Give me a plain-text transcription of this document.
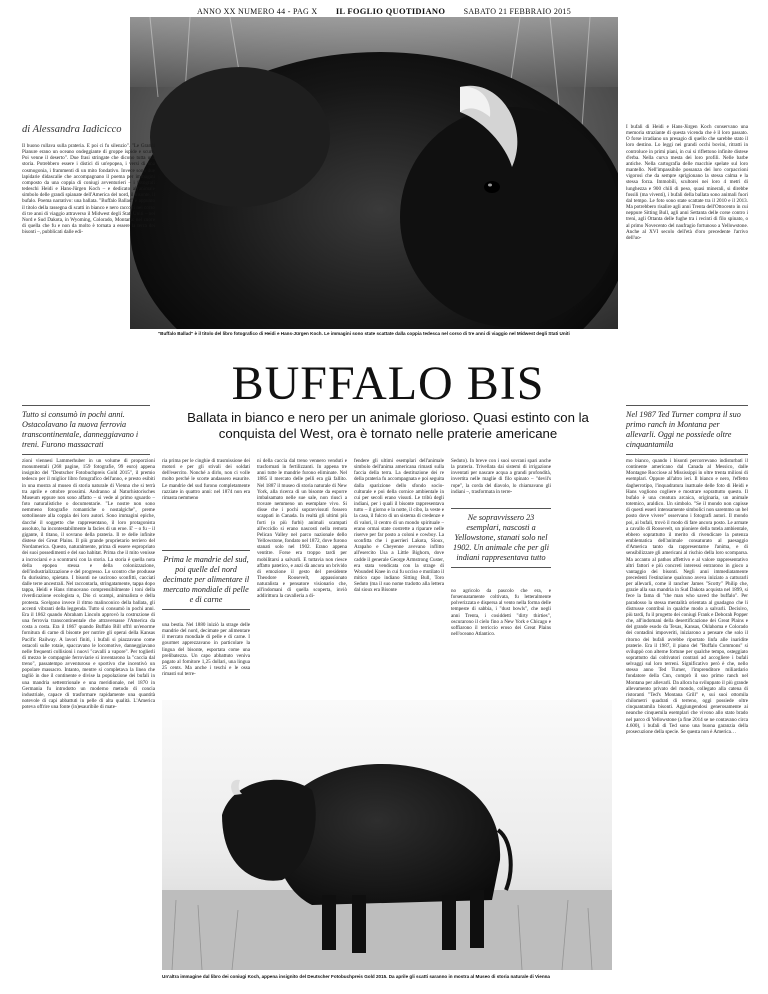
ANNO XX NUMERO 44 - PAG X IL FOGLIO QUOTIDIANO SABATO 21 FEBBRAIO 2015
di Alessandra Iadicicco

Il buono rullava sulla prateria. E poi ci fu silenzio". "Le Grandi Pianure erano un oceano ondeggiante di groppe ispide e scure. Poi venne il deserto". Due frasi stringate che dicono tutta una storia. Potrebbero essere i distici di un'epopea, i versi di una cosmogonia, i frammenti di un mito fondativo. Invece sono due lapidarie didascalie che accompagnano il poema per immagini composto da una coppia di coniugi avventurieri – i fotografi tedeschi Heidi e Hans-Jürgen Koch – e dedicato all'animale simbolo delle grandi spianate dell'America del nord, il bisonte, il bufalo. Poema narrativo: una ballata. "Buffalo Ballad" è appunto il titolo della rassegna di scatti in bianco e nero raccolti nel corso di tre anni di viaggio attraverso il Midwest degli Stati Uniti – nel Nord e Sud Dakota, in Wyoming, Colorado, Montana: nel cuore di quella che fu e non da molto è tornata a essere la terra dei bisonti –, pubblicati dalle edi-

Tutto si consumò in pochi anni. Ostacolavano la nuova ferrovia transcontinentale, danneggiavano i treni. Furono massacrati

I bufali di Heidi e Hans-Jürgen Koch conservano una memoria straziante di questa vicenda che è il loro passato. O forse irradiano un presagio di quello che sarebbe stato il loro destino. Lo leggi nei grandi occhi bovini, ritratti in controluce in primi piani, in cui si riflettono infinite distese d'erba. Nella curva mesta dei loro profili. Nelle barbe antiche. Nella cartografia delle macchie spelate sul loro mantello. Nell'impassibile possanza dei loro corpaccioni vigorosi che da sempre sprigionano la stessa calma e la stessa forza. Immobili, scultorei nei loro 4 metri di lunghezza e 900 chili di peso, quasi minerali, si direbbe fossili (ma viventi), i bufali della ballata sono animali fuori dal tempo. Le foto sono state scattate tra il 2010 e il 2013. Ma potrebbero risalire agli anni Trenta dell'Ottocento in cui neppure Sitting Bull, agli anni Settanta delle corse contro i treni, agli Ottanta delle fughe tra i recinti di filo spinato, o al primo Novecento del naufragio fortunoso a Yellowstone. Anche al XVI secolo dell'età d'oro precedente l'arrivo dell'uo-

Nel 1987 Ted Turner compra il suo primo ranch in Montana per allevarli. Oggi ne possiede oltre cinquantamila
"Buffalo Ballad" è il titolo del libro fotografico di Heidi e Hans-Jürgen Koch. Le immagini sono state scattate dalla coppia tedesca nel corso di tre anni di viaggio nel Midwest degli Stati Uniti
BUFFALO BIS
Ballata in bianco e nero per un animale glorioso. Quasi estinto con la conquista del West, ora è tornato nelle praterie americane

zioni viennesi Lammerhuber in un volume di proporzioni monumentali (268 pagine, 159 fotografie, 99 euro) appena insignito del "Deutscher Fotobuchpreis Gold 2015", il premio tedesco per il miglior libro fotografico dell'anno, e presto esibiti in una mostra al museo di storia naturale di Vienna che si terrà tra aprile e ottobre prossimi. Andranno al Naturhistorisches Museum eppure non sono affatto – si vede al primo sguardo – foto naturalistiche o documentarie. "Le nostre non sono nemmeno fotografie romantiche o nostalgiche", preme sottolineare alla coppia dei loro autori. Sono immagini epiche, dacché il soggetto che rappresentano, il loro protagonista assoluto, ha incontestabilmente la facies di un eroe. E' – o fu – il gigante, il titano, il sovrano della prateria. Il re delle infinite distese dei Great Plains. Il più grande proprietario terriero del Nordamerica. Questo, naturalmente, prima di essere espropriato dei suoi possedimenti e del suo habitat. Prima che il mito venisse a incrociarsi e a scontrarsi con la storia. La storia è quella nota della epopea stessa e della colonizzazione, dell'industrializzazione e del progresso. Lo scontro che produsse fu durissimo, spietato. I bisonti ne uscirono sconfitti, cacciati dalle terre ancestrali. Nel raccontarla, stringatamente, tappa dopo tappa, Heidi e Hans rimuovano comprensibilmente i toni della riverdicazione ecologista o, Dio ci scampi, animalista e della protesta. Scelgono invece il ritmo malinconico della ballata, gli accenti vibranti della leggenda. Tutto si consumò in pochi anni. Era il 1862 quando Abraham Lincoln approvò la costruzione di una ferrovia transcontinentale che attraversasse l'America da costa a costa. Era il 1867 quando Buffalo Bill offrì un'enorme fornitura di carne di bisonte per nutrire gli operai della Kansas Pacific Railway. A lavori finiti, i bufali si piazzavano come ostacoli sulle rotaie, spaccavano le locomotive, danneggiavano nelle frequenti collisioni i nuovi "cavalli a vapore". Per toglierli di mezzo le compagnie ferroviarie si inventarono la "caccia dal treno", passatempo avventuroso e sportivo che incentivò un popolare massacro. Intanto, mentre si completava la linea che tagliò in due il continente e divise la popolazione dei bufali in una mandria settentrionale e una meridionale, nel 1870 in Germania fu introdotto un moderno metodo di concia industriale, capace di trasformare rapidamente una quantità notevole di capi abbattuti in pelle di alta qualità. L'America poteva offrire una fonte (in)esauribile di mate-

ria prima per le cinghie di trasmissione dei motori e per gli stivali dei soldati dell'esercito. Nonché a dirlo, non ci volle molto perché le scorte andassero esaurite. Le mandrie del sud furono completamente razziate in quattro anni: nel 1874 non era rimasta nemmeno

Prima le mandrie del sud, poi quelle del nord decimate per alimentare il mercato mondiale di pelle e di carne

una bestia. Nel 1880 iniziò la strage delle mandrie del nord, decimate per alimentare il mercato mondiale di pelle e di carne. I gourmet apprezzavano in particolare la lingua del bisonte, esportata come una prelibatezza. Un capo abbattuto veniva pagato al fornitore 1,25 dollari, una lingua 25 cents. Ma anche i teschi e le ossa rimasti sul terre-

ni della caccia dal treno vennero venduti e trasformati in fertilizzanti. In appena tre anni tutte le mandrie furono eliminate. Nel 1885 il mercato delle pelli era già fallito. Nel 1887 il museo di storia naturale di New York, alla ricerca di un bisonte da esporre imbalsamato nelle sue sale, non riuscì a trovare nemmeno un esemplare vivo. Si disse che i pochi sopravvissuti fossero scappati in Canada. In realtà gli ultimi più forti (o più furbi) animali scampati all'eccidio si erano nascosti nella remota Pelican Valley nel parco nazionale dello Yellowstone, fondato nel 1872, dove furono stanati solo nel 1902. Erano appena ventitre. Forse era troppo tardi per mobilitarsi a salvarli. E tuttavia non riesce affatto patetico, e anzi dà ancora un brivido di emozione il gesto del presidente Theodore Roosevelt, appassionato naturalista e pensatore visionario che, all'indomani di quella scoperta, inviò addirittura la cavalleria a di-

fendere gli ultimi esemplari dell'animale simbolo dell'anima americana rimasti sulla faccia della terra. La destituzione dei re della prateria fu accompagnata e poi seguita dalla sparizione dello sfondo socio-culturale e poi della cornice ambientale in cui per secoli erano vissuti. Le tribù degli indiani, per i quali il bisonte rappresentava tutto – il giorno e la notte, il cibo, la veste e la casa, il fulcro di un sistema di credenze e di valori, il centro di un mondo spirituale – erano ormai state costrette a riparare nelle riserve per far posto a coloni e cowboy. La sconfitta che i guerrieri Lakota, Sioux, Arapaho e Cheyenne avevano inflitto all'esercito Usa a Little Bighorn, dove cadde il generale George Armstrong Custer, era stata vendicata con la strage di Wounded Knee in cui fu ucciso e mutilato il mitico capo indiano Sitting Bull, Toro Seduto (ma il suo nome tradotto alla lettera dal sioux era Bisonte

Seduto). In breve con i suoi sovrani spari anche la prateria. Trivellata dai sistemi di irrigazione inventati per nascare acqua a grandi profondità, invertita nelle maglie di filo spinato – "devil's rope", la corda del diavolo, lo chiamavano gli indiani –, trasformata in terre-

Ne sopravvissero 23 esemplari, nascosti a Yellowstone, stanati solo nel 1902. Un animale che per gli indiani rappresentava tutto

no agricolo da pascolo che era, e forsennatamente coltivata, fu letteralmente polverizzata e dispersa al vento nella forma delle tempeste di sabbia, i "dust bowls", che negli anni Trenta, i cosiddetti "dirty thirties", oscurarono il cielo fino a New York e Chicago e soffiarono il terriccio eroso dei Great Plains nell'oceano Atlantico.

mo bianco, quando i bisonti percorrevano indisturbati il continente americano dal Canada al Messico, dalle Montagne Rocciose al Mississippi in oltre trenta milioni di esemplari. Oppure all'altro ieri. Il bianco e nero, l'effetto dagherrotipo, l'inquadratura inattuale delle foto di Heidi e Hans vogliono cogliere e mostrare soprattutto questo. Il bufalo è una creatura arcaica, originaria, un animale totemico, araldico. Un simbolo. "Se il mondo non capisse di questi esseri intensamente simbolici non saremmo un bel posto dove vivere" osservano i fotografi autori. Il mondo poi, ai bufali, trovò il modo di fare ancora posto. Le armate a cavallo di Roosevelt, un pioniere della tutela ambientale, ebbero soprattutto il merito di rivendicare la potenza emblematica dell'animale consaturato al paesaggio d'America tanto da rappresentarne l'anima, e di sensibilizzare gli americani al rischio della loro scomparsa. Ma accanto al pathos affettivo e al valore rappresentativo altri fattori e più concreti interessi entrarono in gioco a vantaggio dei bisonti. Negli anni immediatamente precedenti l'estinzione qualcuno aveva iniziato a catturarli per allevarli, come il rancher James "Scotty" Philip che, grazie alla sua mandria in Sud Dakota acquista nel 1899, si fece la fama di "the man who saved the buffalo". Per paradosso la stessa mentalità orientata al guadagno che li distrusse contribuì in qualche modo a salvarli. Decisivo, più tardi, fu il progetto dei coniugi Frank e Deborah Popper che, all'indomani della desertificazione dei Great Plains e del grande esodo da Texas, Kansas, Oklahoma e Colorado dei contadini impoveriti, iniziarono a pensare che solo il ritorno dei bufali avrebbe riportato linfa alle inaridite praterie. Era il 1987, il piano del "Buffalo Commons" si sviluppò con alterne fortune per qualche tempo, osteggiato soprattutto dai coltivatori contrari ad accogliere i bufali selvaggi sul loro terreni. Significativo però è che, nello stesso anno Ted Turner, l'imprenditore miliardario fondatore della Cnn, comprò il suo primo ranch nel Montana per allevarli. Da allora ha sviluppato il più grande allevamento privato del mondo, collegato alla catena di ristoranti "Ted's Montana Grill" e, sui suoi ottomila chilometri quadrati di terreno, oggi possiede oltre cinquantamila bisonti. Aggiungendosi generosamente ai neanche cinquemila esemplari che vivono allo stato brado nel parco di Yellowstone (a fine 2014 se ne contavano circa 4.600), i bufali di Ted sono una buona garanzia della prosecuzione della specie. Se questa non è America…

Un'altra immagine dal libro dei coniugi Koch, appena insignito del Deutscher Fotobuchpreis Gold 2015. Da aprile gli scatti saranno in mostra al Museo di storia naturale di Vienna
